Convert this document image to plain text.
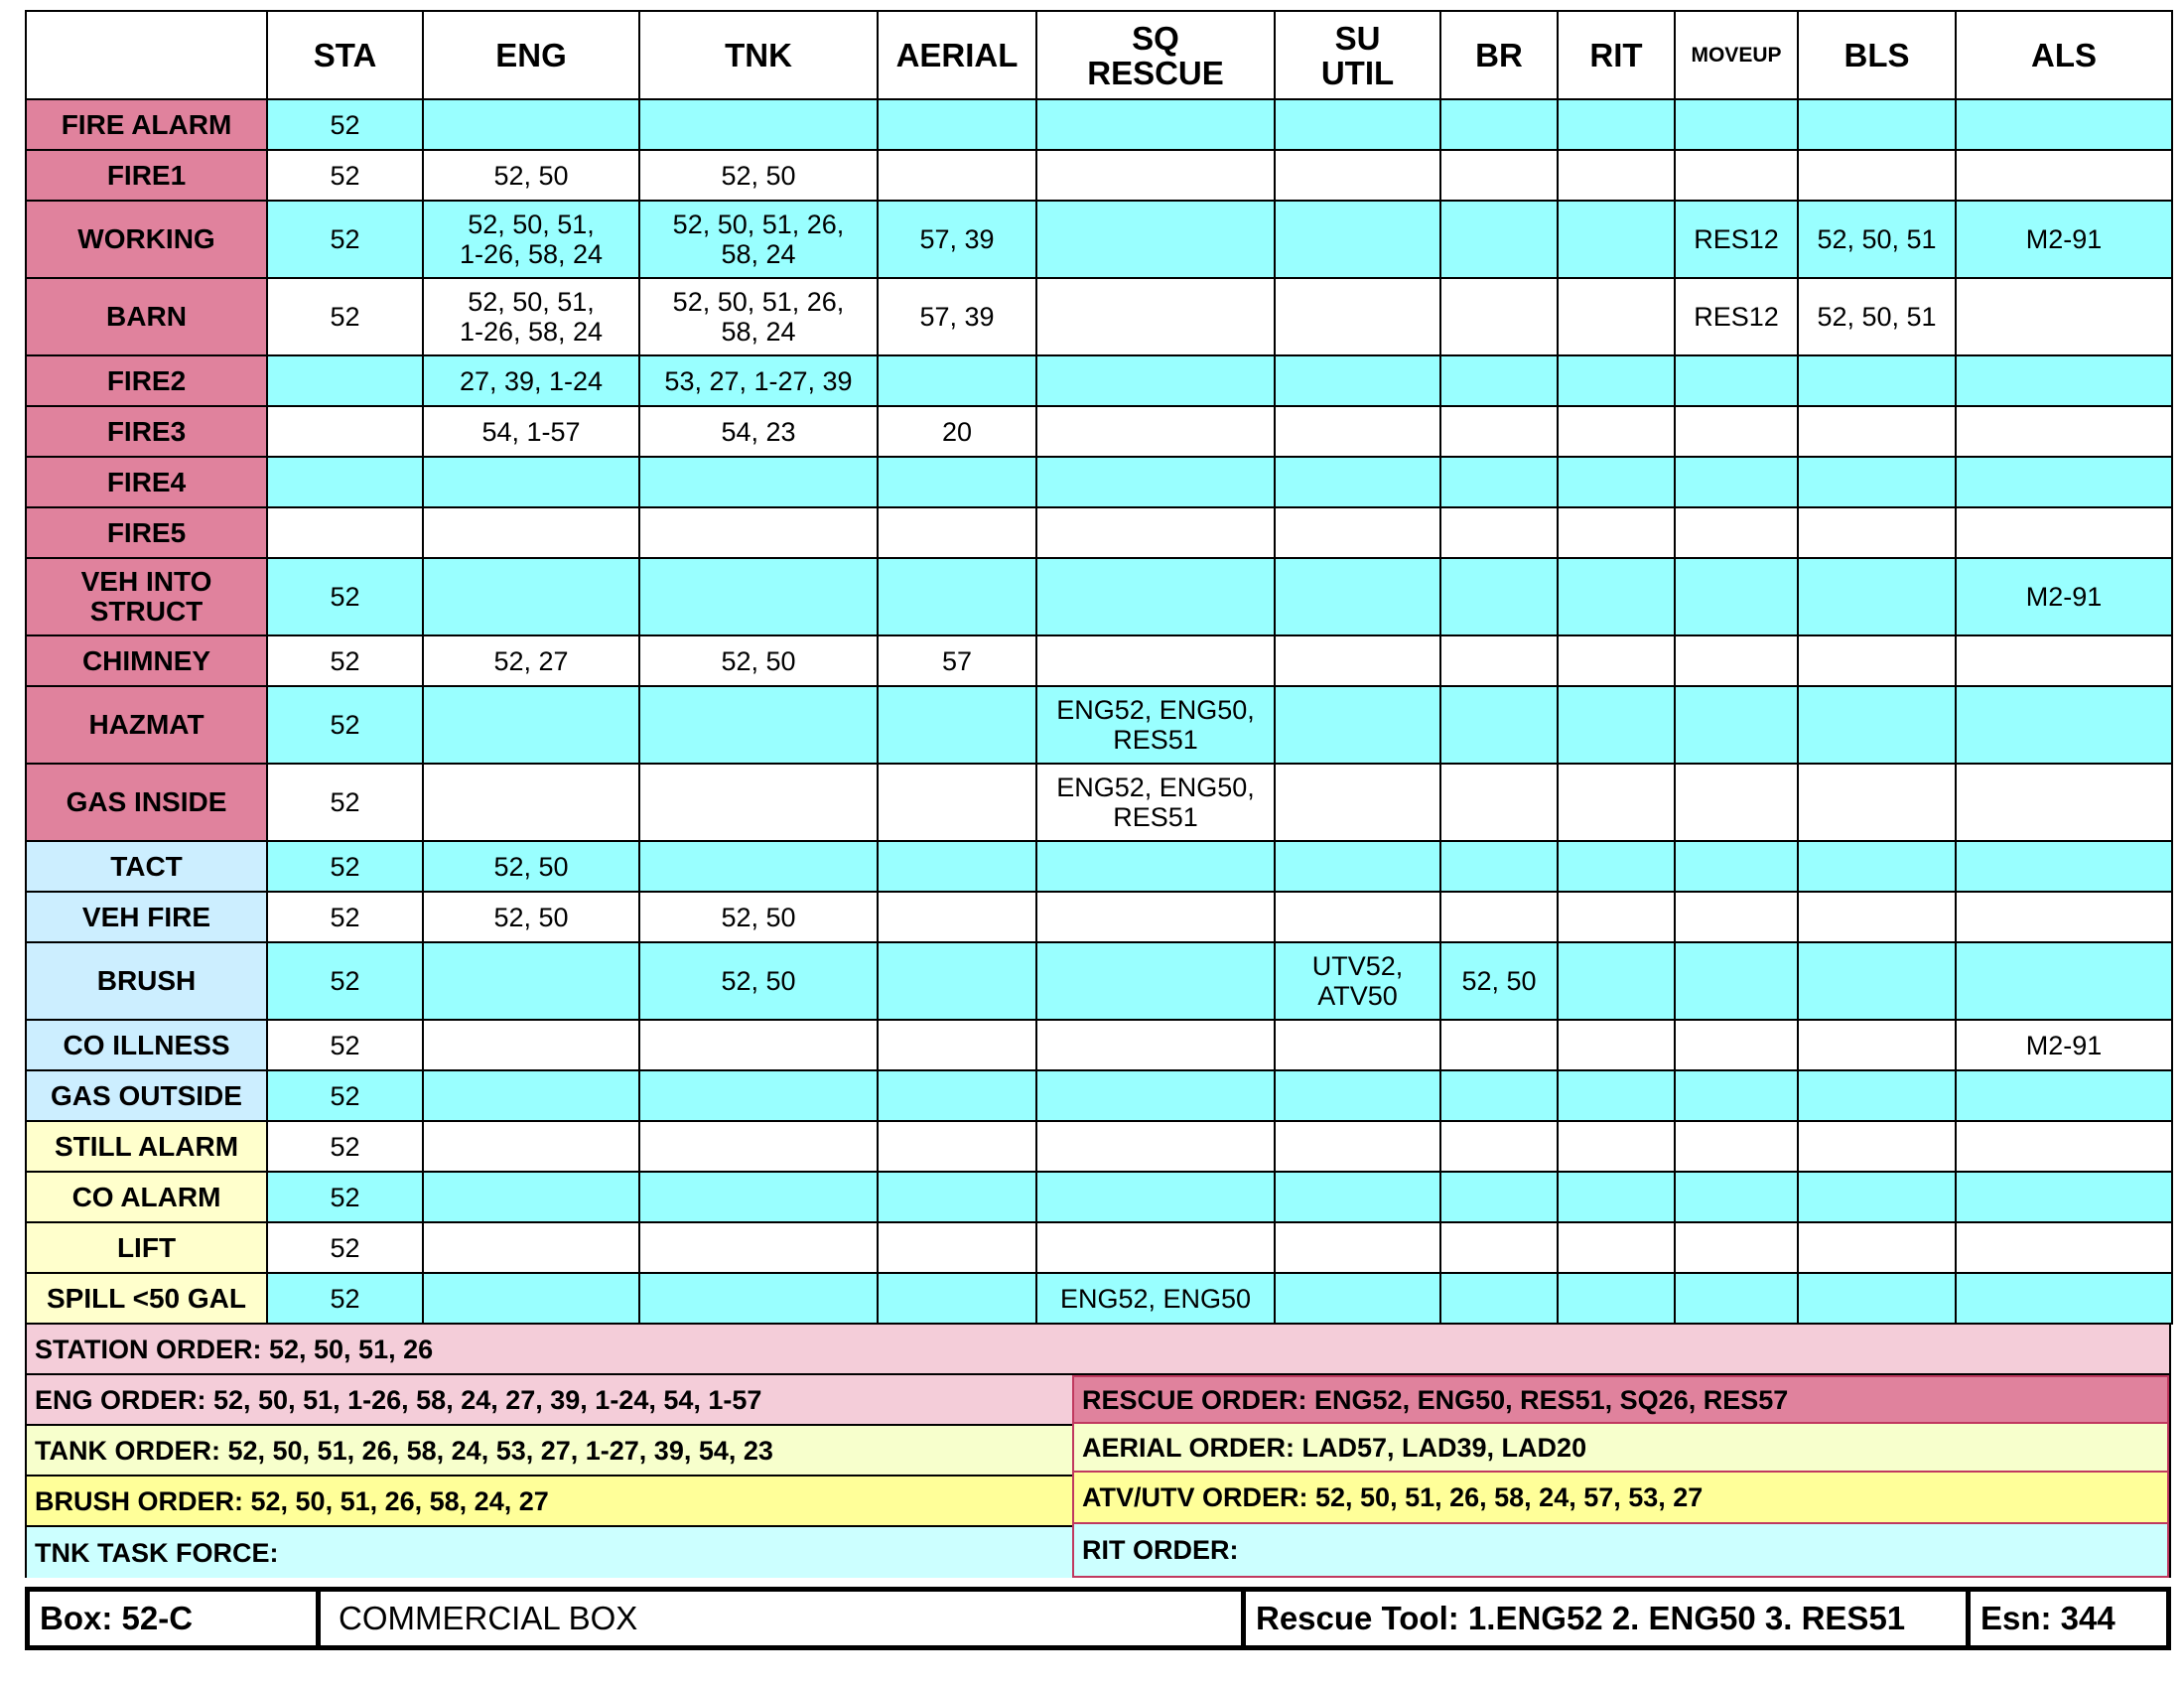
	STA	ENG	TNK	AERIAL	SQ
RESCUE	SU
UTIL	BR	RIT	MOVEUP	BLS	ALS

FIRE ALARM	52										

FIRE1	52	52, 50	52, 50								

WORKING	52	52, 50, 51,
1-26, 58, 24	52, 50, 51, 26,
58, 24	57, 39					RES12	52, 50, 51	M2-91

BARN	52	52, 50, 51,
1-26, 58, 24	52, 50, 51, 26,
58, 24	57, 39					RES12	52, 50, 51	

FIRE2		27, 39, 1-24	53, 27, 1-27, 39								

FIRE3		54, 1-57	54, 23	20							

FIRE4											

FIRE5											

VEH INTO
STRUCT	52										M2-91

CHIMNEY	52	52, 27	52, 50	57							

HAZMAT	52				ENG52, ENG50,
RES51						

GAS INSIDE	52				ENG52, ENG50,
RES51						

TACT	52	52, 50									

VEH FIRE	52	52, 50	52, 50								

BRUSH	52		52, 50			UTV52,
ATV50	52, 50				

CO ILLNESS	52										M2-91

GAS OUTSIDE	52										

STILL ALARM	52										

CO ALARM	52										

LIFT	52										

SPILL <50 GAL	52				ENG52, ENG50						

STATION ORDER: 52, 50, 51, 26
ENG ORDER: 52, 50, 51, 1-26, 58, 24, 27, 39, 1-24, 54, 1-57
TANK ORDER: 52, 50, 51, 26, 58, 24, 53, 27, 1-27, 39, 54, 23
BRUSH ORDER: 52, 50, 51, 26, 58, 24, 27
TNK TASK FORCE:
RESCUE ORDER: ENG52, ENG50, RES51, SQ26, RES57
AERIAL ORDER: LAD57, LAD39, LAD20
ATV/UTV ORDER: 52, 50, 51, 26, 58, 24, 57, 53, 27
RIT ORDER:
Box: 52-C	COMMERCIAL BOX	Rescue Tool: 1.ENG52 2. ENG50 3. RES51	Esn: 344
